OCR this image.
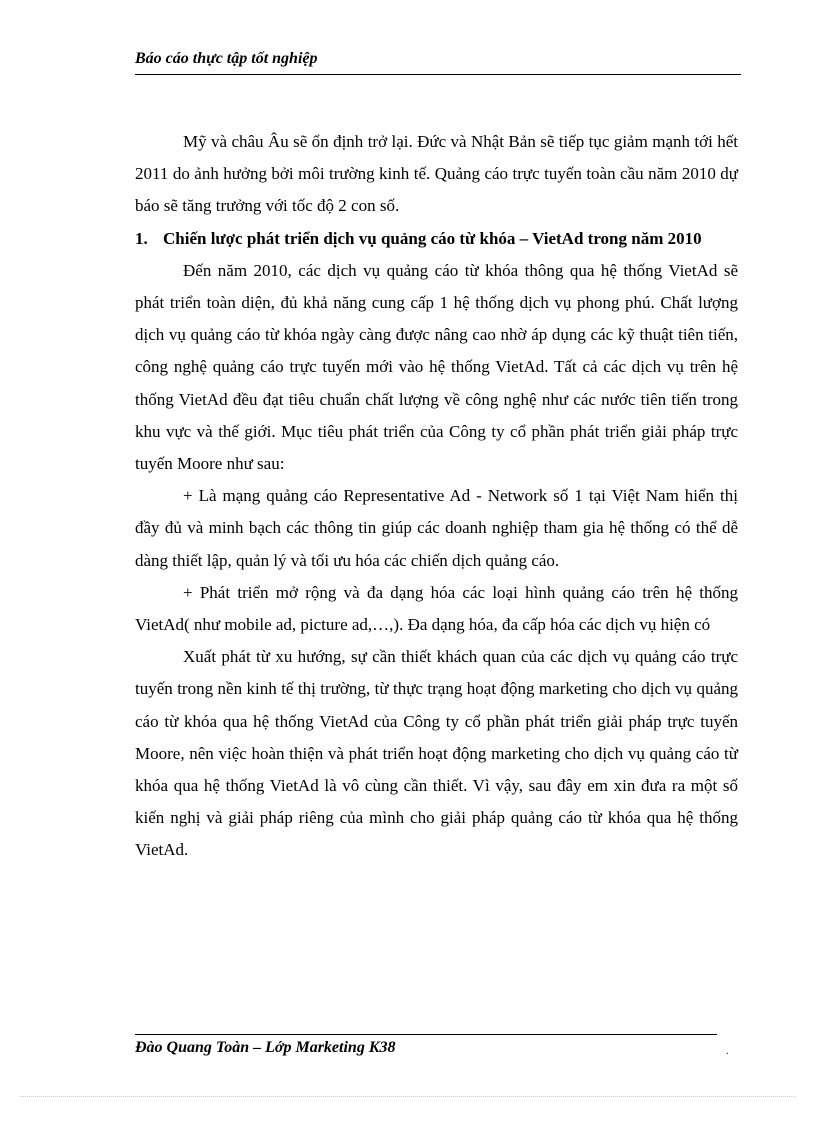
Báo cáo thực tập tốt nghiệp

Mỹ và châu Âu sẽ ổn định trở lại. Đức và Nhật Bản sẽ tiếp tục giảm mạnh tới hết 2011 do ảnh hưởng bởi môi trường kinh tế. Quảng cáo trực tuyến toàn cầu năm 2010 dự báo sẽ tăng trưởng với tốc độ 2 con số.

1. Chiến lược phát triển dịch vụ quảng cáo từ khóa – VietAd trong năm 2010

Đến năm 2010, các dịch vụ quảng cáo từ khóa thông qua hệ thống VietAd sẽ phát triển toàn diện, đủ khả năng cung cấp 1 hệ thống dịch vụ phong phú. Chất lượng dịch vụ quảng cáo từ khóa ngày càng được nâng cao nhờ áp dụng các kỹ thuật tiên tiến, công nghệ quảng cáo trực tuyến mới vào hệ thống VietAd. Tất cả các dịch vụ trên hệ thống VietAd đều đạt tiêu chuẩn chất lượng về công nghệ như các nước tiên tiến trong khu vực và thế giới. Mục tiêu phát triển của Công ty cổ phần phát triển giải pháp trực tuyến Moore như sau:

+ Là mạng quảng cáo Representative Ad - Network số 1 tại Việt Nam hiển thị đầy đủ và minh bạch các thông tin giúp các doanh nghiệp tham gia hệ thống có thể dễ dàng thiết lập, quản lý và tối ưu hóa các chiến dịch quảng cáo.

+ Phát triển mở rộng và đa dạng hóa các loại hình quảng cáo trên hệ thống VietAd( như mobile ad, picture ad,…,). Đa dạng hóa, đa cấp hóa các dịch vụ hiện có

Xuất phát từ xu hướng, sự cần thiết khách quan của các dịch vụ quảng cáo trực tuyến trong nền kinh tế thị trường, từ thực trạng hoạt động marketing cho dịch vụ quảng cáo từ khóa qua hệ thống VietAd của Công ty cổ phần phát triển giải pháp trực tuyến Moore, nên việc hoàn thiện và phát triển hoạt động marketing cho dịch vụ quảng cáo từ khóa qua hệ thống VietAd là vô cùng cần thiết. Vì vậy, sau đây em xin đưa ra một số kiến nghị và giải pháp riêng của mình cho giải pháp quảng cáo từ khóa qua hệ thống VietAd.

Đào Quang Toàn – Lớp Marketing K38	.
